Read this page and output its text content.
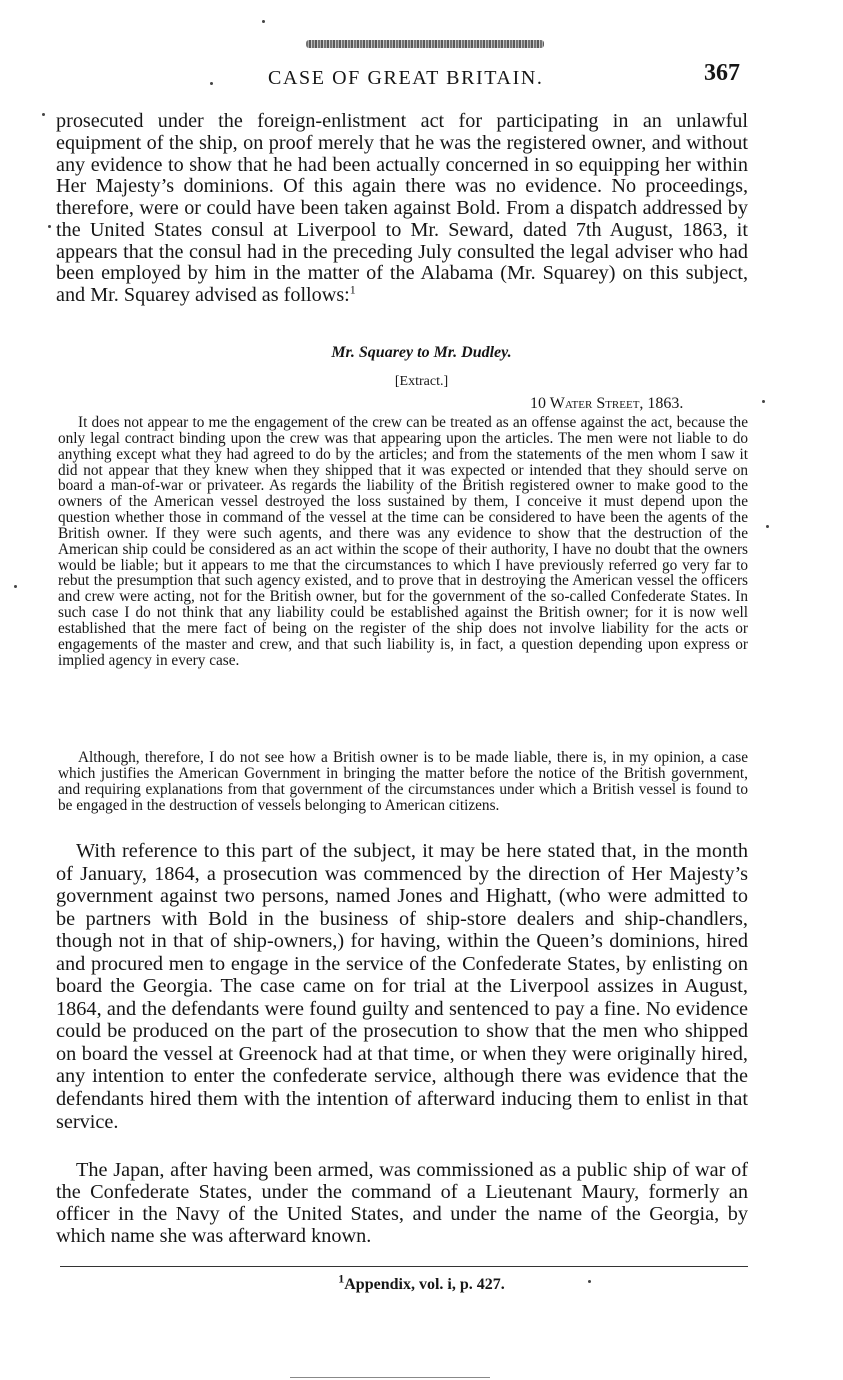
CASE OF GREAT BRITAIN.	367

prosecuted under the foreign-enlistment act for participating in an unlawful equipment of the ship, on proof merely that he was the registered owner, and without any evidence to show that he had been actually concerned in so equipping her within Her Majesty’s dominions. Of this again there was no evidence. No proceedings, therefore, were or could have been taken against Bold. From a dispatch addressed by the United States consul at Liverpool to Mr. Seward, dated 7th August, 1863, it appears that the consul had in the preceding July consulted the legal adviser who had been employed by him in the matter of the Alabama (Mr. Squarey) on this subject, and Mr. Squarey advised as follows:$^1$

Mr. Squarey to Mr. Dudley.
[Extract.]
10 Water Street, 1863.

It does not appear to me the engagement of the crew can be treated as an offense against the act, because the only legal contract binding upon the crew was that appearing upon the articles. The men were not liable to do anything except what they had agreed to do by the articles; and from the statements of the men whom I saw it did not appear that they knew when they shipped that it was expected or intended that they should serve on board a man-of-war or privateer. As regards the liability of the British registered owner to make good to the owners of the American vessel destroyed the loss sustained by them, I conceive it must depend upon the question whether those in command of the vessel at the time can be considered to have been the agents of the British owner. If they were such agents, and there was any evidence to show that the destruction of the American ship could be considered as an act within the scope of their authority, I have no doubt that the owners would be liable; but it appears to me that the circumstances to which I have previously referred go very far to rebut the presumption that such agency existed, and to prove that in destroying the American vessel the officers and crew were acting, not for the British owner, but for the government of the so-called Confederate States. In such case I do not think that any liability could be established against the British owner; for it is now well established that the mere fact of being on the register of the ship does not involve liability for the acts or engagements of the master and crew, and that such liability is, in fact, a question depending upon express or implied agency in every case.

Although, therefore, I do not see how a British owner is to be made liable, there is, in my opinion, a case which justifies the American Government in bringing the matter before the notice of the British government, and requiring explanations from that government of the circumstances under which a British vessel is found to be engaged in the destruction of vessels belonging to American citizens.

With reference to this part of the subject, it may be here stated that, in the month of January, 1864, a prosecution was commenced by the direction of Her Majesty’s government against two persons, named Jones and Highatt, (who were admitted to be partners with Bold in the business of ship-store dealers and ship-chandlers, though not in that of ship-owners,) for having, within the Queen’s dominions, hired and procured men to engage in the service of the Confederate States, by enlisting on board the Georgia. The case came on for trial at the Liverpool assizes in August, 1864, and the defendants were found guilty and sentenced to pay a fine. No evidence could be produced on the part of the prosecution to show that the men who shipped on board the vessel at Greenock had at that time, or when they were originally hired, any intention to enter the confederate service, although there was evidence that the defendants hired them with the intention of afterward inducing them to enlist in that service.

The Japan, after having been armed, was commissioned as a public ship of war of the Confederate States, under the command of a Lieutenant Maury, formerly an officer in the Navy of the United States, and under the name of the Georgia, by which name she was afterward known.

$^1$Appendix, vol. i, p. 427.
